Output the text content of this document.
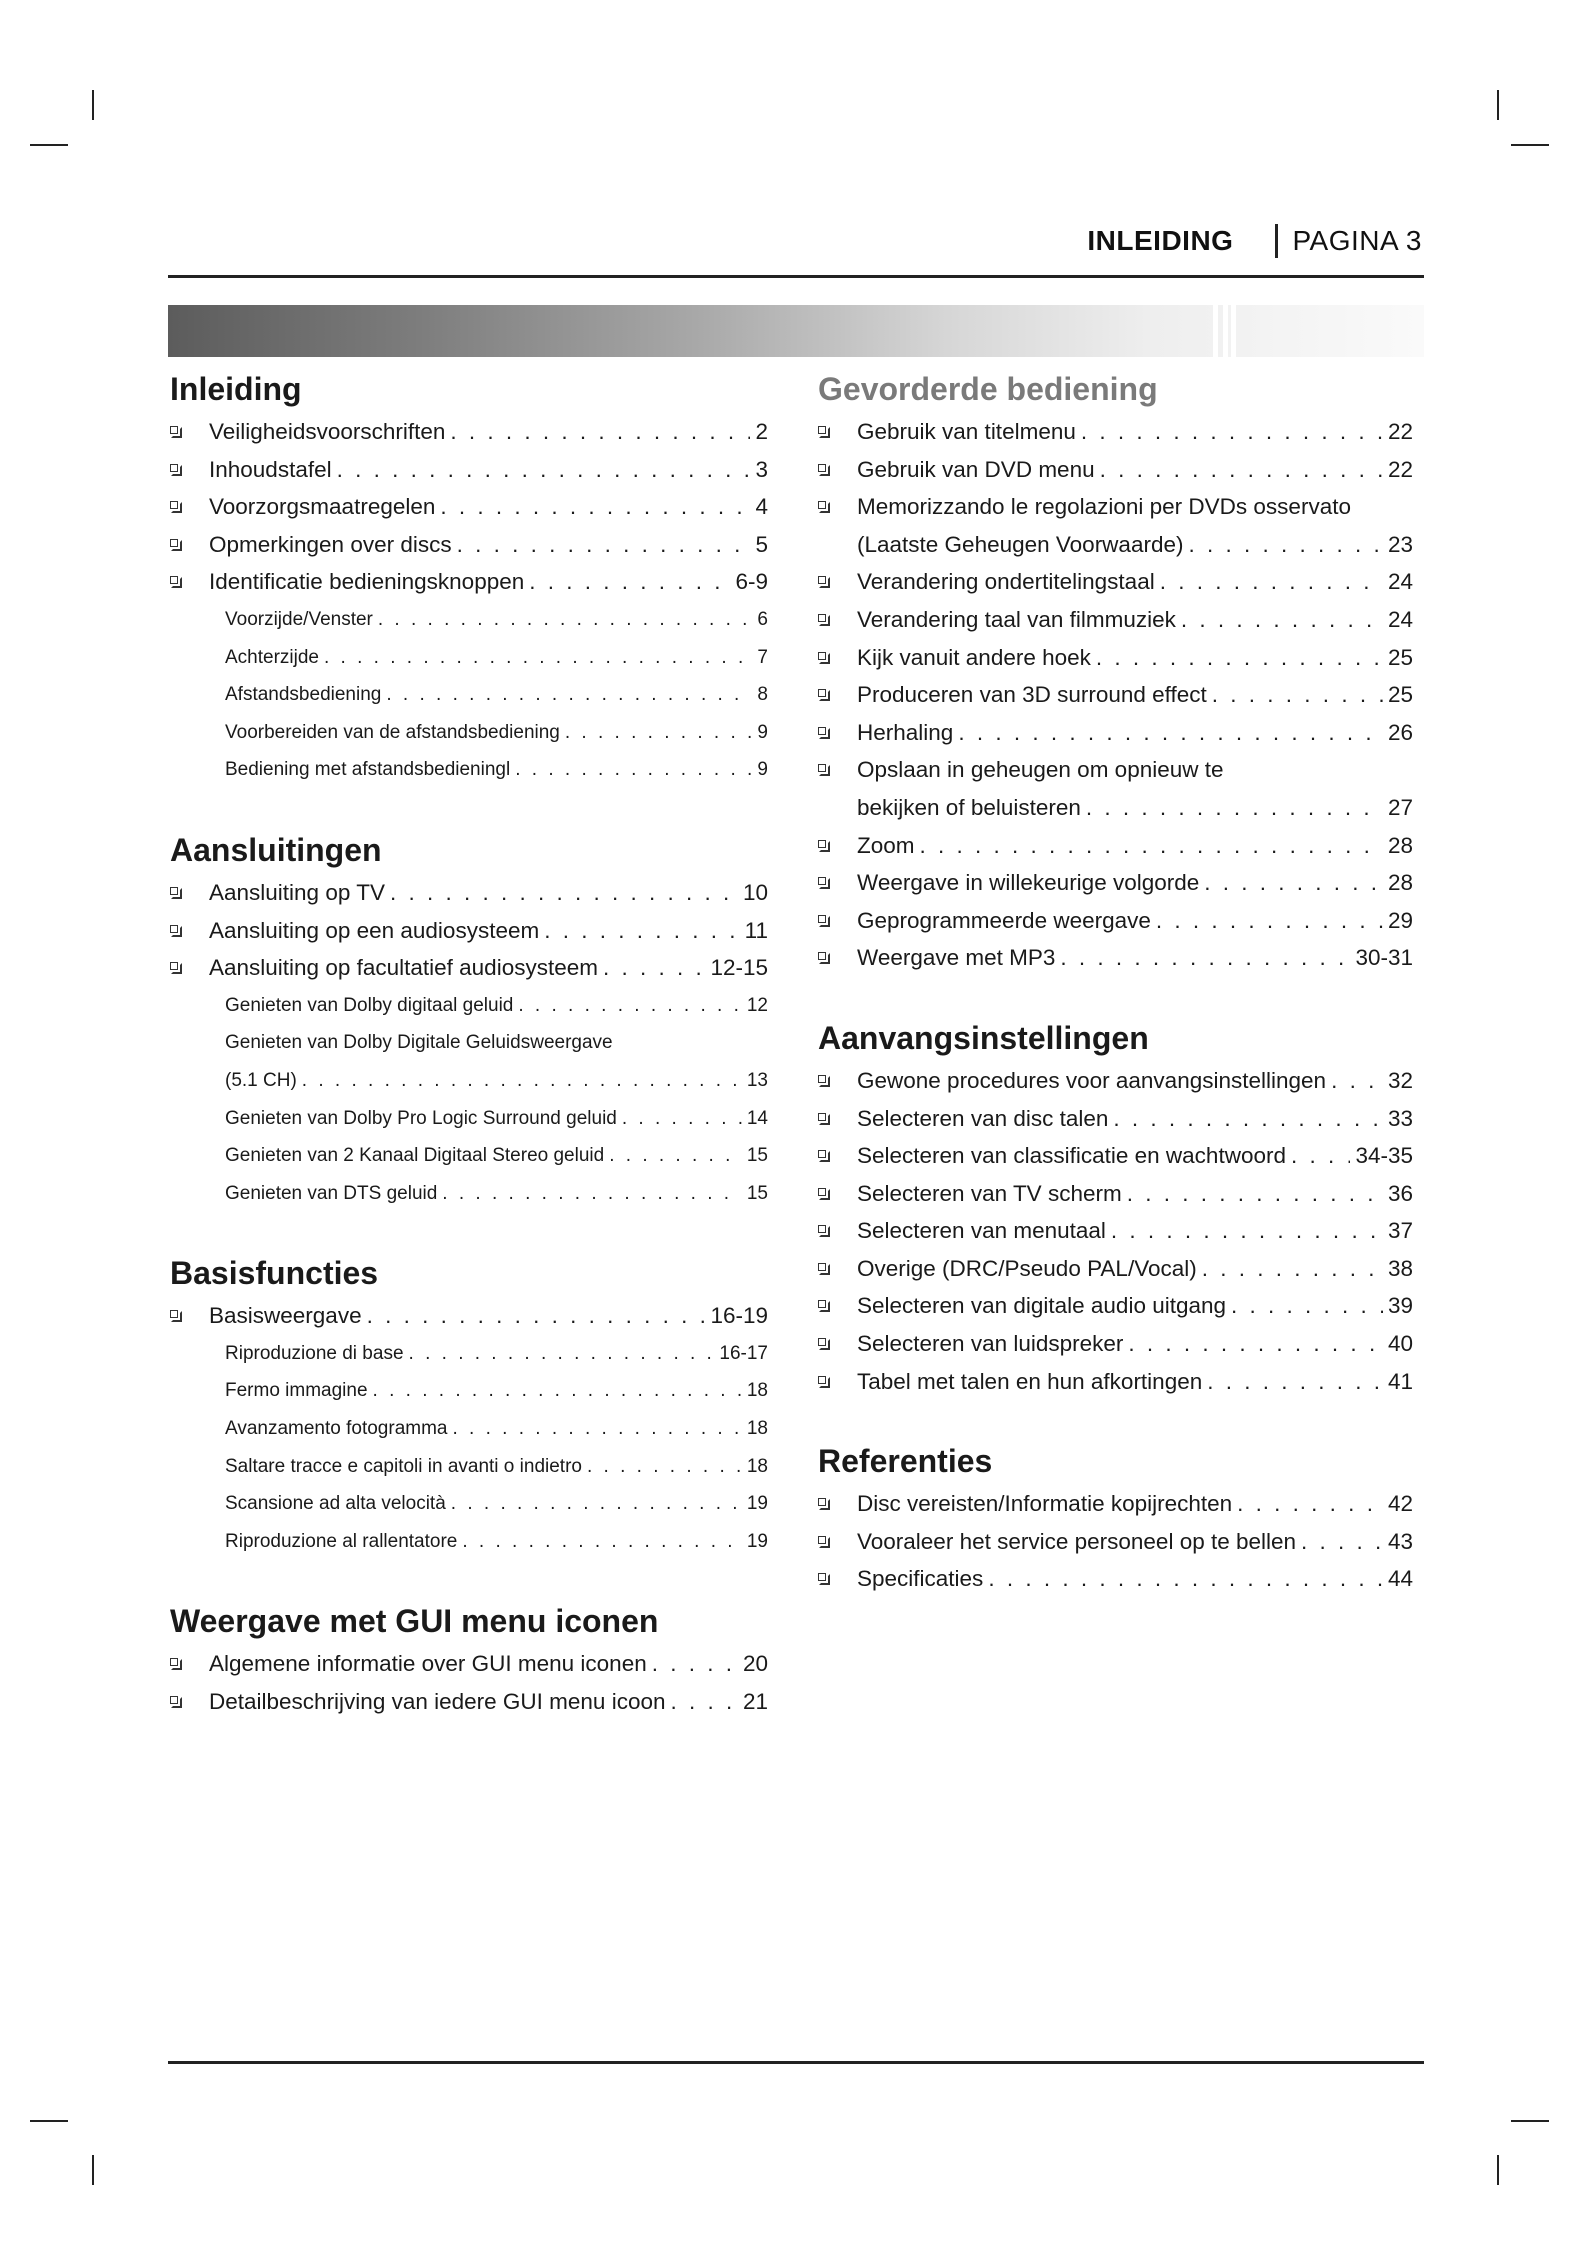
INLEIDING PAGINA 3
Inleiding
Veiligheidsvoorschriften . . .	2
Inhoudstafel . . .	3
Voorzorgsmaatregelen . . .	4
Opmerkingen over discs . . .	5
Identificatie bedieningsknoppen . . .	6-9
Voorzijde/Venster . . .	6
Achterzijde . . .	7
Afstandsbediening . . .	8
Voorbereiden van de afstandsbediening . . .	9
Bediening met afstandsbedieningl . . .	9
Aansluitingen
Aansluiting op TV . . .	10
Aansluiting op een audiosysteem . . .	11
Aansluiting op facultatief audiosysteem . . .	12-15
Genieten van Dolby digitaal geluid . . .	12
Genieten van Dolby Digitale Geluidsweergave
(5.1 CH) . . .	13
Genieten van Dolby Pro Logic Surround geluid . . .	14
Genieten van 2 Kanaal Digitaal Stereo geluid . . .	15
Genieten van DTS geluid . . .	15
Basisfuncties
Basisweergave . . .	16-19
Riproduzione di base . . .	16-17
Fermo immagine . . .	18
Avanzamento fotogramma . . .	18
Saltare tracce e capitoli in avanti o indietro . . .	18
Scansione ad alta velocità . . .	19
Riproduzione al rallentatore . . .	19
Weergave met GUI menu iconen
Algemene informatie over GUI menu iconen . . .	20
Detailbeschrijving van iedere GUI menu icoon . . .	21
Gevorderde bediening
Gebruik van titelmenu . . .	22
Gebruik van DVD menu . . .	22
Memorizzando le regolazioni per DVDs osservato
(Laatste Geheugen Voorwaarde) . . .	23
Verandering ondertitelingstaal . . .	24
Verandering taal van filmmuziek . . .	24
Kijk vanuit andere hoek . . .	25
Produceren van 3D surround effect . . .	25
Herhaling . . .	26
Opslaan in geheugen om opnieuw te
bekijken of beluisteren . . .	27
Zoom . . .	28
Weergave in willekeurige volgorde . . .	28
Geprogrammeerde weergave . . .	29
Weergave met MP3 . . .	30-31
Aanvangsinstellingen
Gewone procedures voor aanvangsinstellingen . . .	32
Selecteren van disc talen . . .	33
Selecteren van classificatie en wachtwoord . . .	34-35
Selecteren van TV scherm . . .	36
Selecteren van menutaal . . .	37
Overige (DRC/Pseudo PAL/Vocal) . . .	38
Selecteren van digitale audio uitgang . . .	39
Selecteren van luidspreker . . .	40
Tabel met talen en hun afkortingen . . .	41
Referenties
Disc vereisten/Informatie kopijrechten . . .	42
Vooraleer het service personeel op te bellen . . .	43
Specificaties . . .	44
